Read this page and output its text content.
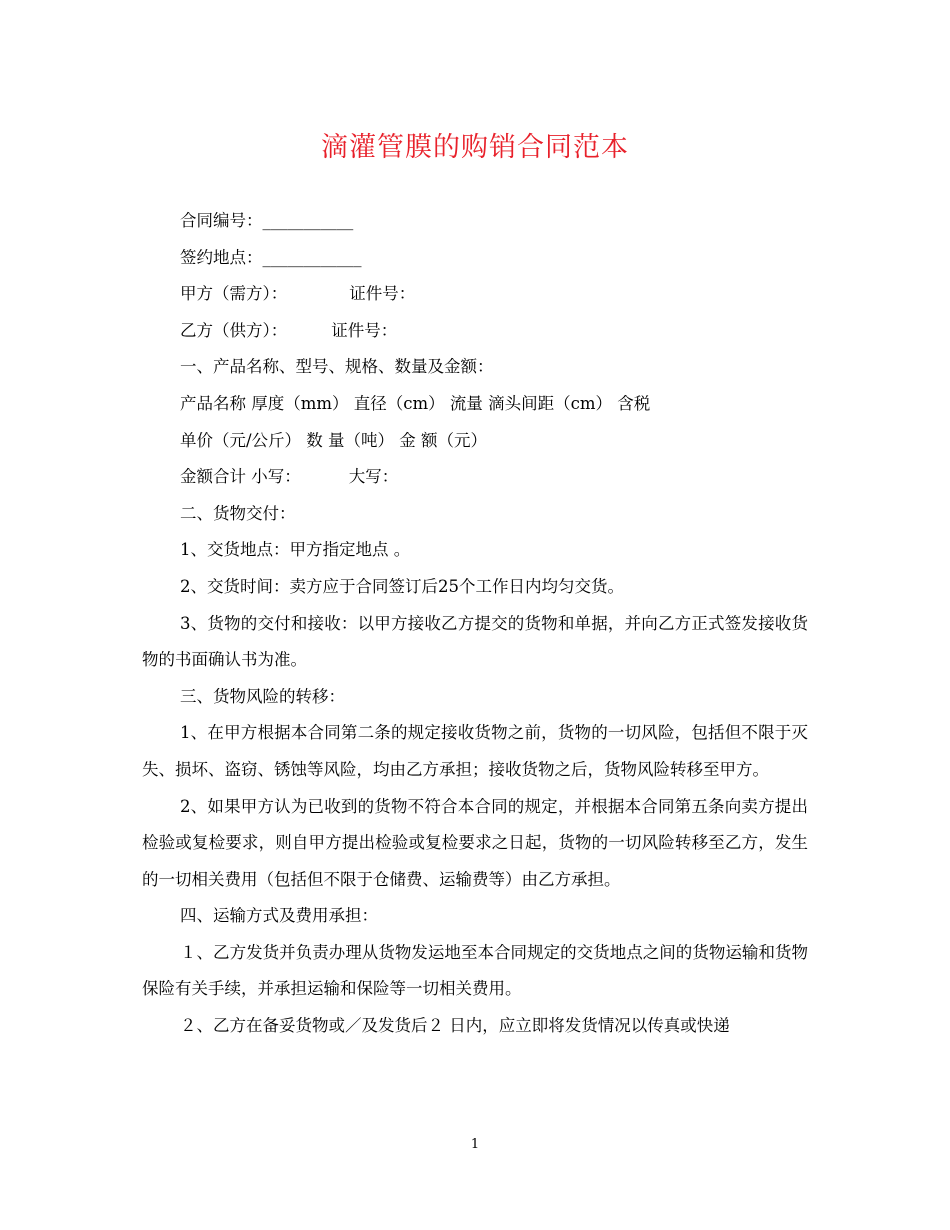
滴灌管膜的购销合同范本
合同编号：___________
签约地点：____________
甲方（需方）：	证件号：
乙方（供方）：	证件号：
一、产品名称、型号、规格、数量及金额：
产品名称 厚度（mm） 直径（cm） 流量 滴头间距（cm） 含税
单价（元/公斤） 数 量（吨） 金 额（元）
金额合计 小写：	大写：
二、货物交付：
1、交货地点：甲方指定地点 。
2、交货时间：卖方应于合同签订后25个工作日内均匀交货。
3、货物的交付和接收：以甲方接收乙方提交的货物和单据，并向乙方正式签发接收货物的书面确认书为准。
三、货物风险的转移：
1、在甲方根据本合同第二条的规定接收货物之前，货物的一切风险，包括但不限于灭失、损坏、盗窃、锈蚀等风险，均由乙方承担；接收货物之后，货物风险转移至甲方。
2、如果甲方认为已收到的货物不符合本合同的规定，并根据本合同第五条向卖方提出检验或复检要求，则自甲方提出检验或复检要求之日起，货物的一切风险转移至乙方，发生的一切相关费用（包括但不限于仓储费、运输费等）由乙方承担。
四、运输方式及费用承担：
１、乙方发货并负责办理从货物发运地至本合同规定的交货地点之间的货物运输和货物保险有关手续，并承担运输和保险等一切相关费用。
２、乙方在备妥货物或／及发货后２ 日内，应立即将发货情况以传真或快递
1
